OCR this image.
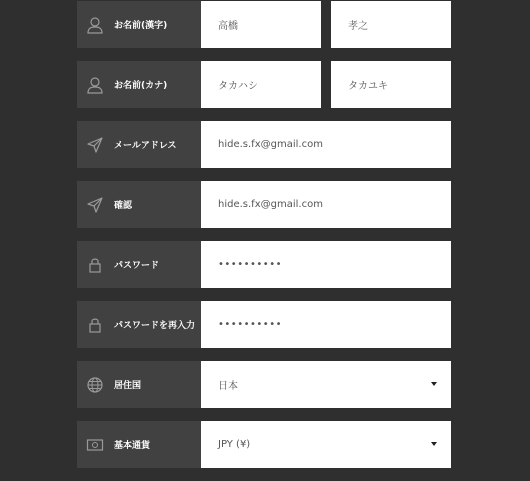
お名前(漢字)	高橋	孝之
お名前(カナ)	タカハシ	タカユキ
メールアドレス	hide.s.fx@gmail.com
確認	hide.s.fx@gmail.com
パスワード	••••••••••
パスワードを再入力	••••••••••
居住国	日本
基本通貨	JPY (¥)
